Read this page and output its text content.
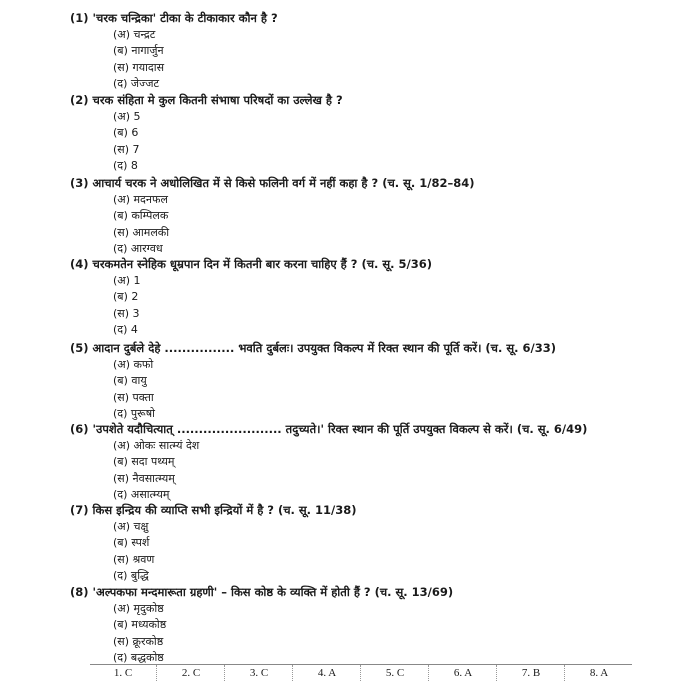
(1) 'चरक चन्द्रिका' टीका के टीकाकार कौन है ?
(अ) चन्द्रट
(ब) नागार्जुन
(स) गयादास
(द) जेज्जट
(2) चरक संहिता मे कुल कितनी संभाषा परिषदों का उल्लेख है ?
(अ) 5
(ब) 6
(स) 7
(द) 8
(3) आचार्य चरक ने अधोलिखित में से किसे फलिनी वर्ग में नहीं कहा है ? (च. सू. 1/82–84)
(अ) मदनफल
(ब) कम्पिलक
(स) आमलकी
(द) आरग्वध
(4) चरकमतेन स्नेहिक धूम्रपान दिन में कितनी बार करना चाहिए हैं ? (च. सू. 5/36)
(अ) 1
(ब) 2
(स) 3
(द) 4
(5) आदान दुर्बले देहे ................ भवति दुर्बलः। उपयुक्त विकल्प में रिक्त स्थान की पूर्ति करें। (च. सू. 6/33)
(अ) कफो
(ब) वायु
(स) पक्ता
(द) पुरूषो
(6) 'उपशेते यदौचित्यात् ........................ तदुच्यते।' रिक्त स्थान की पूर्ति उपयुक्त विकल्प से करें। (च. सू. 6/49)
(अ) ओकः सात्म्यं देश
(ब) सदा पथ्यम्
(स) नैवसात्म्यम्
(द) असात्म्यम्
(7) किस इन्द्रिय की व्याप्ति सभी इन्द्रियों में है ? (च. सू. 11/38)
(अ) चक्षु
(ब) स्पर्श
(स) श्रवण
(द) बुद्धि
(8) 'अल्पकफा मन्दमारूता ग्रहणी' – किस कोष्ठ के व्यक्ति में होती हैं ? (च. सू. 13/69)
(अ) मृदुकोष्ठ
(ब) मध्यकोष्ठ
(स) क्रूरकोष्ठ
(द) बद्धकोष्ठ
1. C	2. C	3. C	4. A	5. C	6. A	7. B	8. A
